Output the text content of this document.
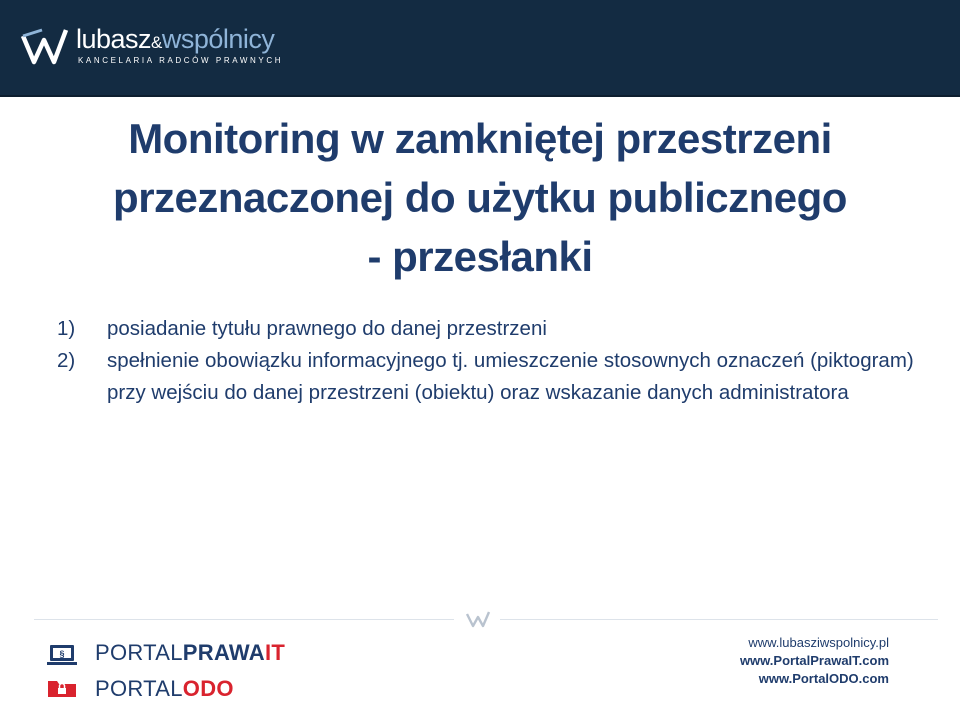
lubasz&wspólnicy
KANCELARIA RADCÓW PRAWNYCH
Monitoring w zamkniętej przestrzeni
przeznaczonej do użytku publicznego
- przesłanki
1)	posiadanie tytułu prawnego do danej przestrzeni
2)	spełnienie obowiązku informacyjnego tj. umieszczenie stosownych oznaczeń (piktogram) przy wejściu do danej przestrzeni (obiektu) oraz wskazanie danych administratora
§ PORTALPRAWAIT
PORTALODO
www.lubasziwspolnicy.pl
www.PortalPrawaIT.com
www.PortalODO.com
